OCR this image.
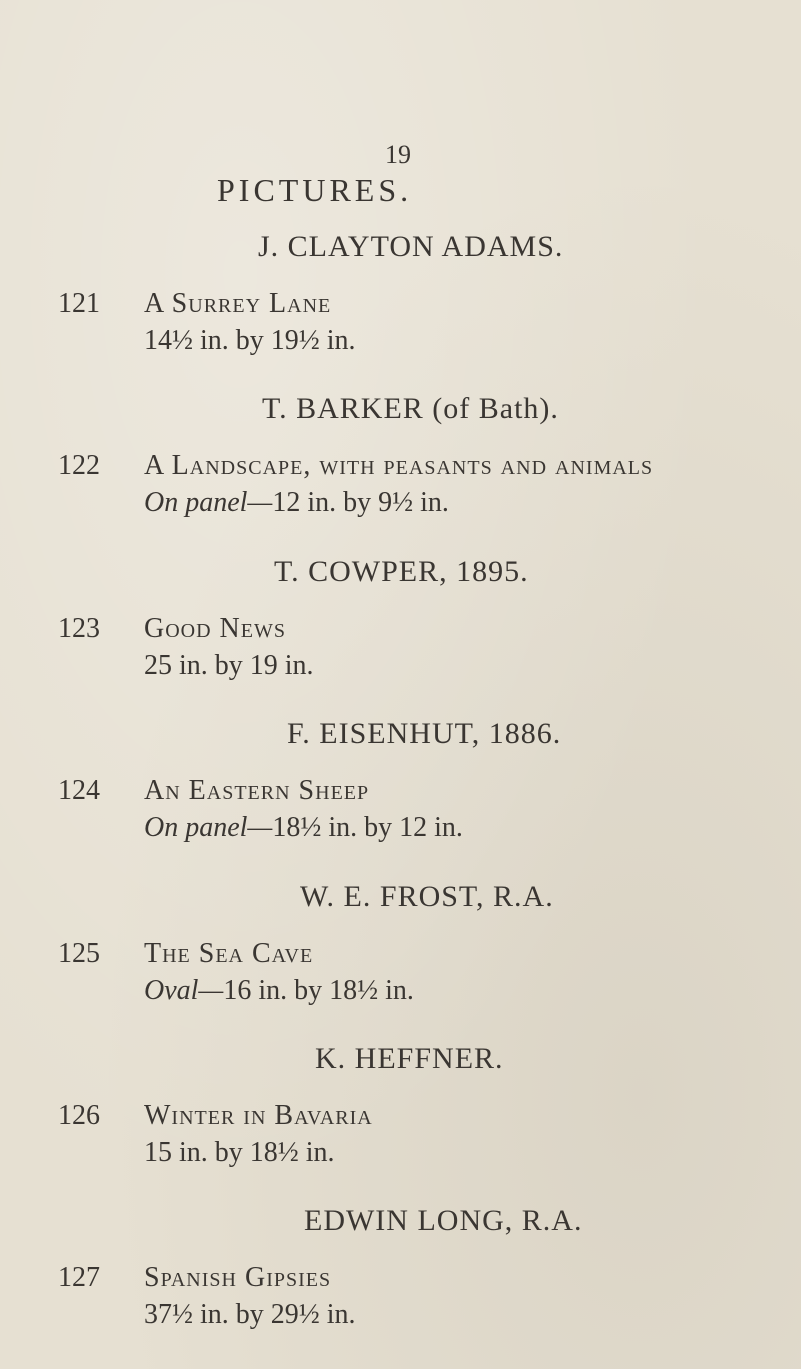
19
PICTURES.
J. CLAYTON ADAMS.
121 A Surrey Lane
14½ in. by 19½ in.
T. BARKER (of Bath).
122 A Landscape, with peasants and animals
On panel—12 in. by 9½ in.
T. COWPER, 1895.
123 Good News
25 in. by 19 in.
F. EISENHUT, 1886.
124 An Eastern Sheep
On panel—18½ in. by 12 in.
W. E. FROST, R.A.
125 The Sea Cave
Oval—16 in. by 18½ in.
K. HEFFNER.
126 Winter in Bavaria
15 in. by 18½ in.
EDWIN LONG, R.A.
127 Spanish Gipsies
37½ in. by 29½ in.
